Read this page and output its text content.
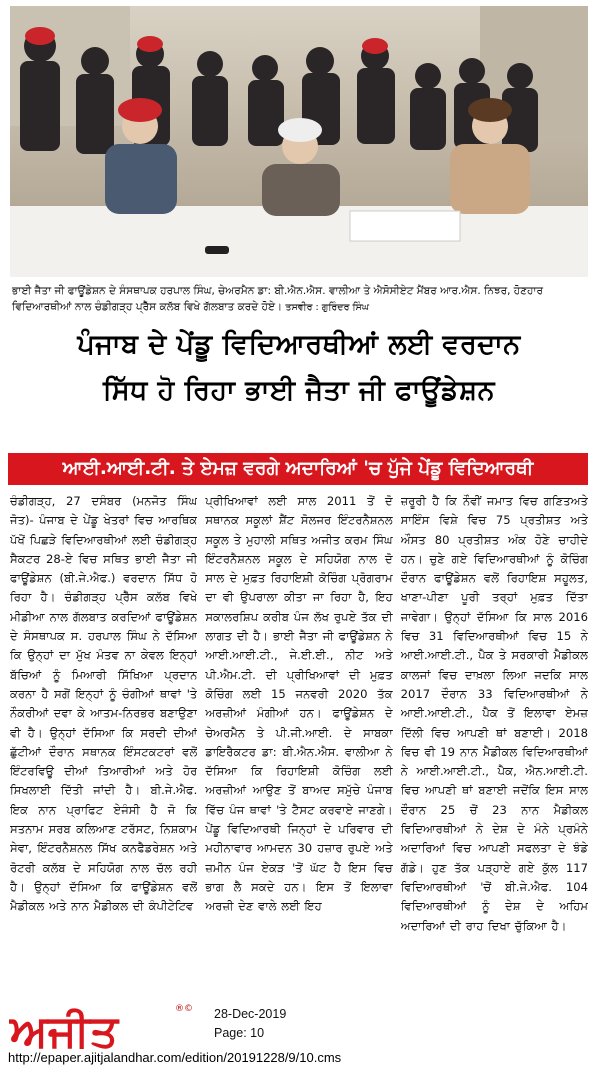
ਭਾਈ ਜੈਤਾ ਜੀ ਫਾਊਂਡੇਸ਼ਨ ਦੇ ਸੰਸਥਾਪਕ ਹਰਪਾਲ ਸਿੰਘ, ਚੇਅਰਮੈਨ ਡਾ: ਬੀ.ਐਨ.ਐਸ. ਵਾਲੀਆ ਤੇ ਐਸੋਸੀਏਟ ਮੈਂਬਰ ਆਰ.ਐਸ. ਨਿਝਰ, ਹੋਣਹਾਰ ਵਿਦਿਆਰਥੀਆਂ ਨਾਲ ਚੰਡੀਗੜ੍ਹ ਪ੍ਰੈੱਸ ਕਲੱਬ ਵਿਖੇ ਗੱਲਬਾਤ ਕਰਦੇ ਹੋਏ। ਤਸਵੀਰ : ਗੁਰਿੰਦਰ ਸਿੰਘ
ਪੰਜਾਬ ਦੇ ਪੇਂਡੂ ਵਿਦਿਆਰਥੀਆਂ ਲਈ ਵਰਦਾਨ
ਸਿੱਧ ਹੋ ਰਿਹਾ ਭਾਈ ਜੈਤਾ ਜੀ ਫਾਊਂਡੇਸ਼ਨ
ਆਈ.ਆਈ.ਟੀ. ਤੇ ਏਮਜ਼ ਵਰਗੇ ਅਦਾਰਿਆਂ 'ਚ ਪੁੱਜੇ ਪੇਂਡੂ ਵਿਦਿਆਰਥੀ

ਚੰਡੀਗੜ੍ਹ, 27 ਦਸੰਬਰ (ਮਨਜੋਤ ਸਿੰਘ ਜੋਤ)- ਪੰਜਾਬ ਦੇ ਪੇਂਡੂ ਖੇਤਰਾਂ ਵਿਚ ਆਰਥਿਕ ਪੱਖੋਂ ਪਿਛੜੇ ਵਿਦਿਆਰਥੀਆਂ ਲਈ ਚੰਡੀਗੜ੍ਹ ਸੈਕਟਰ 28-ਏ ਵਿਚ ਸਥਿਤ ਭਾਈ ਜੈਤਾ ਜੀ ਫਾਊਂਡੇਸ਼ਨ (ਬੀ.ਜੇ.ਐਫ.) ਵਰਦਾਨ ਸਿੱਧ ਹੋ ਰਿਹਾ ਹੈ। ਚੰਡੀਗੜ੍ਹ ਪ੍ਰੈੱਸ ਕਲੱਬ ਵਿਖੇ ਮੀਡੀਆ ਨਾਲ ਗੱਲਬਾਤ ਕਰਦਿਆਂ ਫਾਊਂਡੇਸ਼ਨ ਦੇ ਸੰਸਥਾਪਕ ਸ. ਹਰਪਾਲ ਸਿੰਘ ਨੇ ਦੱਸਿਆ ਕਿ ਉਨ੍ਹਾਂ ਦਾ ਮੁੱਖ ਮੰਤਵ ਨਾ ਕੇਵਲ ਇਨ੍ਹਾਂ ਬੱਚਿਆਂ ਨੂੰ ਮਿਆਰੀ ਸਿੱਖਿਆ ਪ੍ਰਦਾਨ ਕਰਨਾ ਹੈ ਸਗੋਂ ਇਨ੍ਹਾਂ ਨੂੰ ਚੰਗੀਆਂ ਥਾਵਾਂ 'ਤੇ ਨੌਕਰੀਆਂ ਦਵਾ ਕੇ ਆਤਮ-ਨਿਰਭਰ ਬਣਾਉਣਾ ਵੀ ਹੈ। ਉਨ੍ਹਾਂ ਦੱਸਿਆ ਕਿ ਸਰਦੀ ਦੀਆਂ ਛੁੱਟੀਆਂ ਦੌਰਾਨ ਸਥਾਨਕ ਇੰਸਟਕਟਰਾਂ ਵਲੋਂ ਇੰਟਰਵਿਊ ਦੀਆਂ ਤਿਆਰੀਆਂ ਅਤੇ ਹੋਰ ਸਿਖਲਾਈ ਦਿੱਤੀ ਜਾਂਦੀ ਹੈ। ਬੀ.ਜੇ.ਐਫ. ਇਕ ਨਾਨ ਪ੍ਰਾਫਿਟ ਏਜੰਸੀ ਹੈ ਜੋ ਕਿ ਸਤਨਾਮ ਸਰਬ ਕਲਿਆਣ ਟਰੱਸਟ, ਨਿਸ਼ਕਾਮ ਸੇਵਾ, ਇੰਟਰਨੈਸ਼ਨਲ ਸਿੱਖ ਕਨਫੈਡਰੇਸ਼ਨ ਅਤੇ ਰੋਟਰੀ ਕਲੱਬ ਦੇ ਸਹਿਯੋਗ ਨਾਲ ਚੱਲ ਰਹੀ ਹੈ। ਉਨ੍ਹਾਂ ਦੱਸਿਆ ਕਿ ਫਾਊਂਡੇਸ਼ਨ ਵਲੋਂ ਮੈਡੀਕਲ ਅਤੇ ਨਾਨ ਮੈਡੀਕਲ ਦੀ ਕੰਪੀਟੇਟਿਵ

ਪ੍ਰੀਖਿਆਵਾਂ ਲਈ ਸਾਲ 2011 ਤੋਂ ਦੋ ਸਥਾਨਕ ਸਕੂਲਾਂ ਸ਼ੈਂਟ ਸੋਲਜਰ ਇੰਟਰਨੈਸ਼ਨਲ ਸਕੂਲ ਤੇ ਮੁਹਾਲੀ ਸਥਿਤ ਅਜੀਤ ਕਰਮ ਸਿੰਘ ਇੰਟਰਨੈਸ਼ਨਲ ਸਕੂਲ ਦੇ ਸਹਿਯੋਗ ਨਾਲ ਦੋ ਸਾਲ ਦੇ ਮੁਫ਼ਤ ਰਿਹਾਇਸ਼ੀ ਕੋਚਿੰਗ ਪ੍ਰੋਗਰਾਮ ਦਾ ਵੀ ਉਪਰਾਲਾ ਕੀਤਾ ਜਾ ਰਿਹਾ ਹੈ, ਇਹ ਸਕਾਲਰਸ਼ਿਪ ਕਰੀਬ ਪੰਜ ਲੱਖ ਰੁਪਏ ਤੱਕ ਦੀ ਲਾਗਤ ਦੀ ਹੈ। ਭਾਈ ਜੈਤਾ ਜੀ ਫਾਊਂਡੇਸ਼ਨ ਨੇ ਆਈ.ਆਈ.ਟੀ., ਜੇ.ਈ.ਈ., ਨੀਟ ਅਤੇ ਪੀ.ਐਮ.ਟੀ. ਦੀ ਪ੍ਰੀਖਿਆਵਾਂ ਦੀ ਮੁਫ਼ਤ ਕੋਚਿੰਗ ਲਈ 15 ਜਨਵਰੀ 2020 ਤੱਕ ਅਰਜ਼ੀਆਂ ਮੰਗੀਆਂ ਹਨ। ਫਾਊਂਡੇਸ਼ਨ ਦੇ ਚੇਅਰਮੈਨ ਤੇ ਪੀ.ਜੀ.ਆਈ. ਦੇ ਸਾਬਕਾ ਡਾਇਰੈਕਟਰ ਡਾ: ਬੀ.ਐਨ.ਐਸ. ਵਾਲੀਆ ਨੇ ਦੱਸਿਆ ਕਿ ਰਿਹਾਇਸ਼ੀ ਕੋਚਿੰਗ ਲਈ ਅਰਜ਼ੀਆਂ ਆਉਣ ਤੋਂ ਬਾਅਦ ਸਮੁੱਚੇ ਪੰਜਾਬ ਵਿੱਚ ਪੰਜ ਥਾਵਾਂ 'ਤੇ ਟੈਸਟ ਕਰਵਾਏ ਜਾਣਗੇ। ਪੇਂਡੂ ਵਿਦਿਆਰਥੀ ਜਿਨ੍ਹਾਂ ਦੇ ਪਰਿਵਾਰ ਦੀ ਮਹੀਨਾਵਾਰ ਆਮਦਨ 30 ਹਜ਼ਾਰ ਰੁਪਏ ਅਤੇ ਜ਼ਮੀਨ ਪੰਜ ਏਕੜ 'ਤੋਂ ਘੱਟ ਹੈ ਇਸ ਵਿਚ ਭਾਗ ਲੈ ਸਕਦੇ ਹਨ। ਇਸ ਤੋਂ ਇਲਾਵਾ ਅਰਜ਼ੀ ਦੇਣ ਵਾਲੇ ਲਈ ਇਹ

ਜ਼ਰੂਰੀ ਹੈ ਕਿ ਨੌਵੀਂ ਜਮਾਤ ਵਿਚ ਗਣਿਤਅਤੇ ਸਾਇੰਸ ਵਿਸ਼ੇ ਵਿਚ 75 ਪ੍ਰਤੀਸ਼ਤ ਅਤੇ ਔਸਤ 80 ਪ੍ਰਤੀਸ਼ਤ ਅੰਕ ਹੋਣੇ ਚਾਹੀਦੇ ਹਨ। ਚੁਣੇ ਗਏ ਵਿਦਿਆਰਥੀਆਂ ਨੂੰ ਕੋਚਿੰਗ ਦੌਰਾਨ ਫਾਊਂਡੇਸ਼ਨ ਵਲੋਂ ਰਿਹਾਇਸ਼ ਸਹੂਲਤ, ਖਾਣਾ-ਪੀਣਾ ਪੂਰੀ ਤਰ੍ਹਾਂ ਮੁਫ਼ਤ ਦਿੱਤਾ ਜਾਵੇਗਾ। ਉਨ੍ਹਾਂ ਦੱਸਿਆ ਕਿ ਸਾਲ 2016 ਵਿਚ 31 ਵਿਦਿਆਰਥੀਆਂ ਵਿਚ 15 ਨੇ ਆਈ.ਆਈ.ਟੀ., ਪੈਕ ਤੇ ਸਰਕਾਰੀ ਮੈਡੀਕਲ ਕਾਲਜਾਂ ਵਿਚ ਦਾਖ਼ਲਾ ਲਿਆ ਜਦਕਿ ਸਾਲ 2017 ਦੌਰਾਨ 33 ਵਿਦਿਆਰਥੀਆਂ ਨੇ ਆਈ.ਆਈ.ਟੀ., ਪੈਕ ਤੋਂ ਇਲਾਵਾ ਏਮਜ਼ ਦਿੱਲੀ ਵਿਚ ਆਪਣੀ ਥਾਂ ਬਣਾਈ। 2018 ਵਿਚ ਵੀ 19 ਨਾਨ ਮੈਡੀਕਲ ਵਿਦਿਆਰਥੀਆਂ ਨੇ ਆਈ.ਆਈ.ਟੀ., ਪੈਕ, ਐਨ.ਆਈ.ਟੀ. ਵਿਚ ਆਪਣੀ ਥਾਂ ਬਣਾਈ ਜਦੋਂਕਿ ਇਸ ਸਾਲ ਦੌਰਾਨ 25 ਚੋਂ 23 ਨਾਨ ਮੈਡੀਕਲ ਵਿਦਿਆਰਥੀਆਂ ਨੇ ਦੇਸ਼ ਦੇ ਮੰਨੇ ਪ੍ਰਮੰਨੇ ਅਦਾਰਿਆਂ ਵਿਚ ਆਪਣੀ ਸਫਲਤਾ ਦੇ ਝੰਡੇ ਗੱਡੇ। ਹੁਣ ਤੱਕ ਪੜ੍ਹਾਏ ਗਏ ਕੁੱਲ 117 ਵਿਦਿਆਰਥੀਆਂ 'ਚੋਂ ਬੀ.ਜੇ.ਐਫ. 104 ਵਿਦਿਆਰਥੀਆਂ ਨੂੰ ਦੇਸ਼ ਦੇ ਅਹਿਮ ਅਦਾਰਿਆਂ ਦੀ ਰਾਹ ਦਿਖਾ ਚੁੱਕਿਆ ਹੈ।

ਅਜੀਤ	®© 28-Dec-2019
Page: 10
http://epaper.ajitjalandhar.com/edition/20191228/9/10.cms
